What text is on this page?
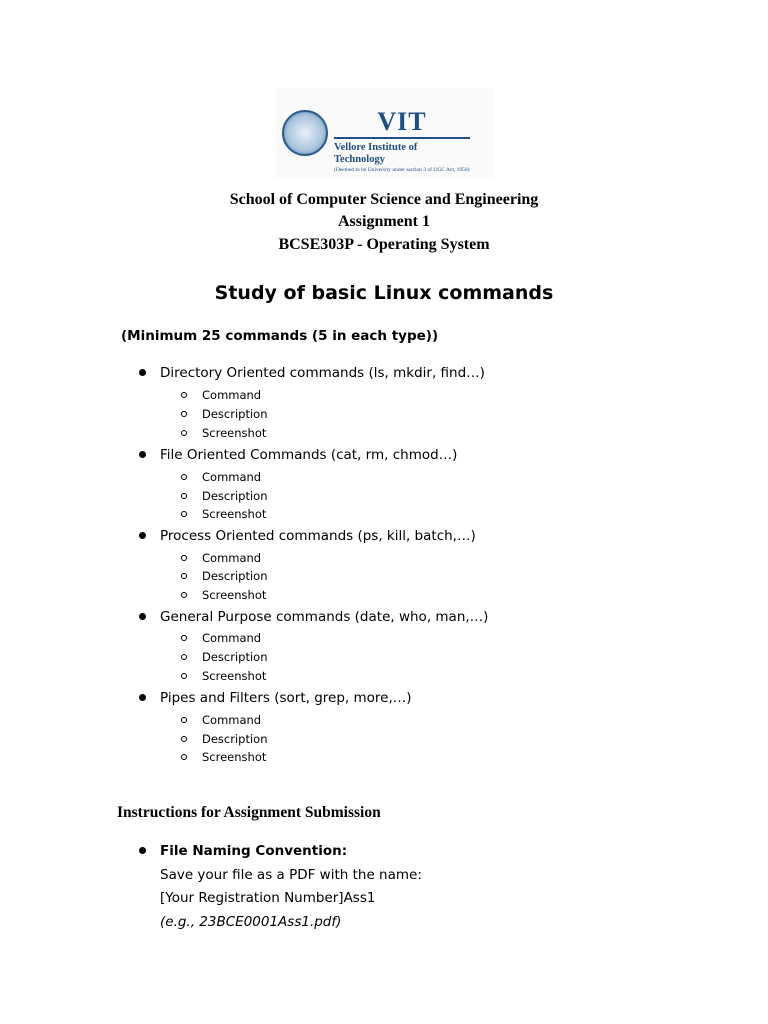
VIT
Vellore Institute of Technology
(Deemed to be University under section 3 of UGC Act, 1956)
School of Computer Science and Engineering
Assignment 1
BCSE303P - Operating System
Study of basic Linux commands
(Minimum 25 commands (5 in each type))
Directory Oriented commands (ls, mkdir, find…)
Command
Description
Screenshot
File Oriented Commands (cat, rm, chmod…)
Command
Description
Screenshot
Process Oriented commands (ps, kill, batch,…)
Command
Description
Screenshot
General Purpose commands (date, who, man,…)
Command
Description
Screenshot
Pipes and Filters (sort, grep, more,…)
Command
Description
Screenshot
Instructions for Assignment Submission
File Naming Convention:
Save your file as a PDF with the name:
[Your Registration Number]Ass1
(e.g., 23BCE0001Ass1.pdf)
